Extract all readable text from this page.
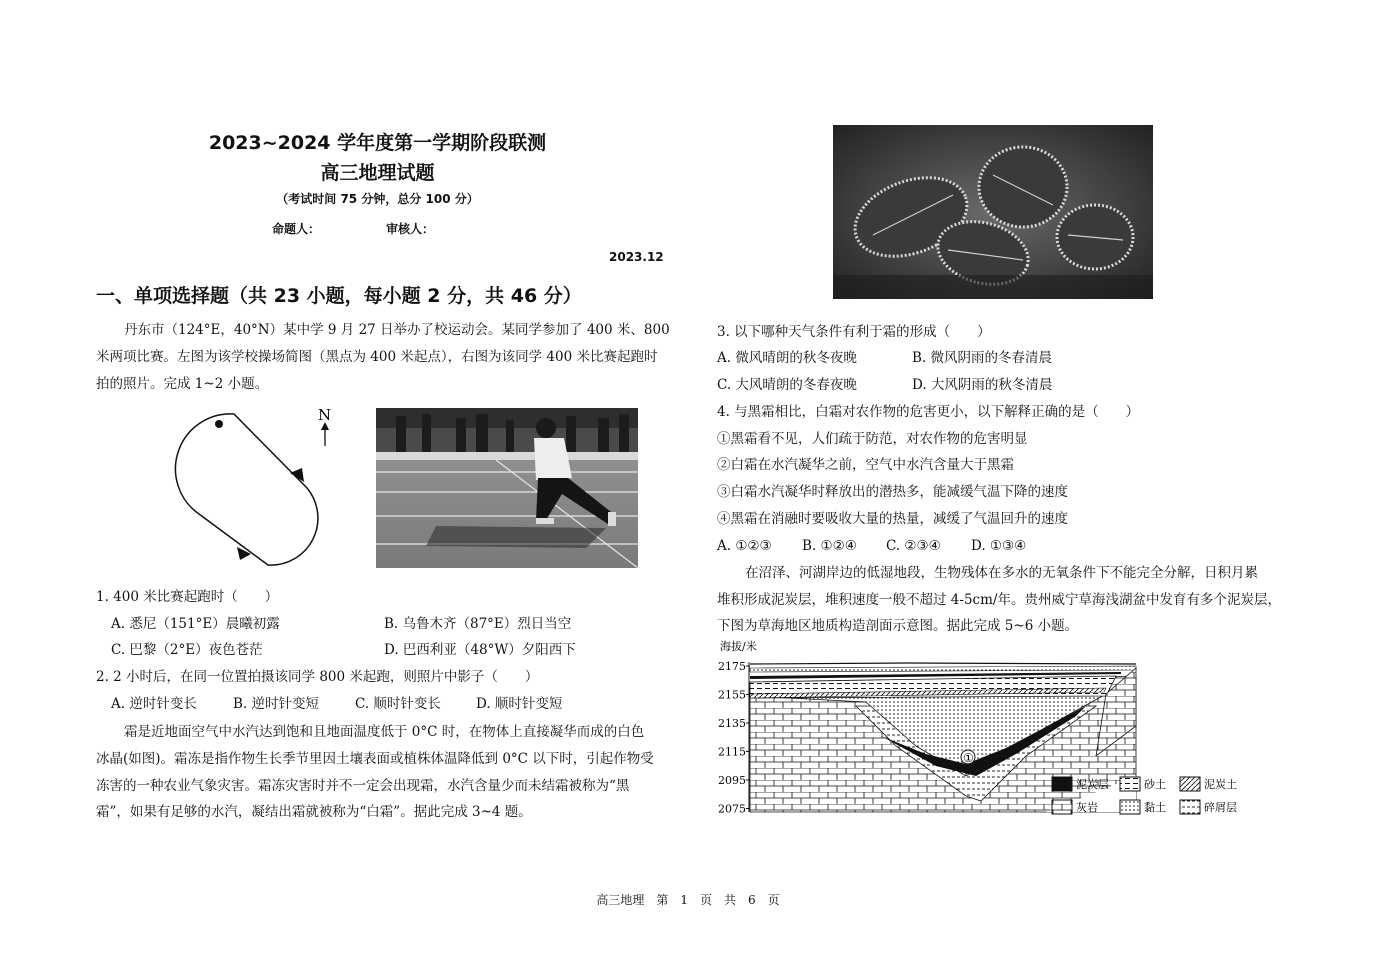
2023~2024 学年度第一学期阶段联测
高三地理试题
（考试时间 75 分钟，总分 100 分）
命题人：	审核人：
2023.12
一、单项选择题（共 23 小题，每小题 2 分，共 46 分）
丹东市（124°E，40°N）某中学 9 月 27 日举办了校运动会。某同学参加了 400 米、800
米两项比赛。左图为该学校操场简图（黑点为 400 米起点），右图为该同学 400 米比赛起跑时
拍的照片。完成 1~2 小题。
N
1. 400 米比赛起跑时（　　）
A. 悉尼（151°E）晨曦初露	B. 乌鲁木齐（87°E）烈日当空
C. 巴黎（2°E）夜色苍茫	D. 巴西利亚（48°W）夕阳西下
2. 2 小时后，在同一位置拍摄该同学 800 米起跑，则照片中影子（　　）
A. 逆时针变长	B. 逆时针变短	C. 顺时针变长	D. 顺时针变短
霜是近地面空气中水汽达到饱和且地面温度低于 0°C 时，在物体上直接凝华而成的白色
冰晶(如图)。霜冻是指作物生长季节里因土壤表面或植株体温降低到 0°C 以下时，引起作物受
冻害的一种农业气象灾害。霜冻灾害时并不一定会出现霜，水汽含量少而未结霜被称为“黑
霜”，如果有足够的水汽，凝结出霜就被称为“白霜”。据此完成 3~4 题。
3. 以下哪种天气条件有利于霜的形成（　　）
A. 微风晴朗的秋冬夜晚	B. 微风阴雨的冬春清晨
C. 大风晴朗的冬春夜晚	D. 大风阴雨的秋冬清晨
4. 与黑霜相比，白霜对农作物的危害更小，以下解释正确的是（　　）
①黑霜看不见，人们疏于防范，对农作物的危害明显
②白霜在水汽凝华之前，空气中水汽含量大于黑霜
③白霜水汽凝华时释放出的潜热多，能减缓气温下降的速度
④黑霜在消融时要吸收大量的热量，减缓了气温回升的速度
A. ①②③ B. ①②④ C. ②③④ D. ①③④
在沼泽、河湖岸边的低湿地段，生物残体在多水的无氧条件下不能完全分解，日积月累
堆积形成泥炭层，堆积速度一般不超过 4-5cm/年。贵州威宁草海浅湖盆中发育有多个泥炭层，
下图为草海地区地质构造剖面示意图。据此完成 5~6 小题。
海拔/米
2175
2155
2135
2115
2095
2075
①
泥炭层	砂土	泥炭土
灰岩	黏土	碎屑层
高三地理　第　1　页　共　6　页
